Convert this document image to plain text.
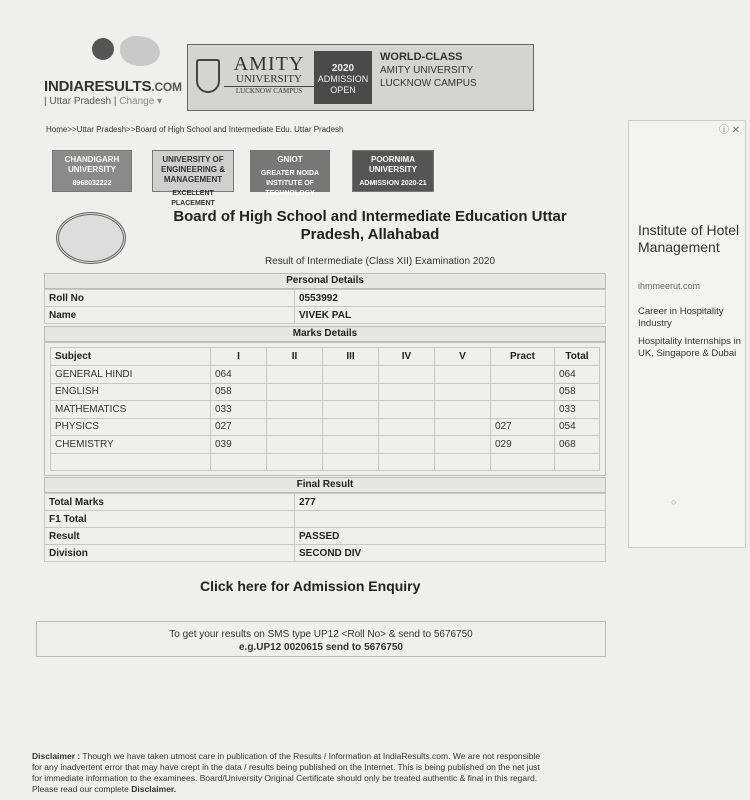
INDIARESULTS.COM
| Uttar Pradesh | Change ▾
AMITY
UNIVERSITY
LUCKNOW CAMPUS
2020
ADMISSION
OPEN
WORLD-CLASS
AMITY UNIVERSITY
LUCKNOW CAMPUS
Home>>Uttar Pradesh>>Board of High School and Intermediate Edu. Uttar Pradesh
CHANDIGARH UNIVERSITY
8968032222
UNIVERSITY OF ENGINEERING & MANAGEMENT
EXCELLENT PLACEMENT
GNIOT
GREATER NOIDA INSTITUTE OF TECHNOLOGY
POORNIMA UNIVERSITY
ADMISSION 2020-21
Board of High School and Intermediate Education Uttar Pradesh, Allahabad
Result of Intermediate (Class XII) Examination 2020
Personal Details
Roll No	0553992
Name	VIVEK PAL
Marks Details
Subject	I	II	III	IV	V	Pract	Total
GENERAL HINDI	064						064
ENGLISH	058						058
MATHEMATICS	033						033
PHYSICS	027					027	054
CHEMISTRY	039					029	068

Final Result
Total Marks	277
F1 Total	
Result	PASSED
Division	SECOND DIV
Click here for Admission Enquiry
To get your results on SMS type UP12 <Roll No> & send to 5676750
e.g.UP12 0020615 send to 5676750
Disclaimer : Though we have taken utmost care in publication of the Results / Information at IndiaResults.com. We are not responsible for any inadvertent error that may have crept in the data / results being published on the Internet. This is being published on the net just for immediate information to the examinees. Board/University Original Certificate should only be treated authentic & final in this regard. Please read our complete Disclaimer.
ⓘ ✕
Institute of Hotel Management
ihmmeerut.com
Career in Hospitality Industry
Hospitality Internships in UK, Singapore & Dubai
○
